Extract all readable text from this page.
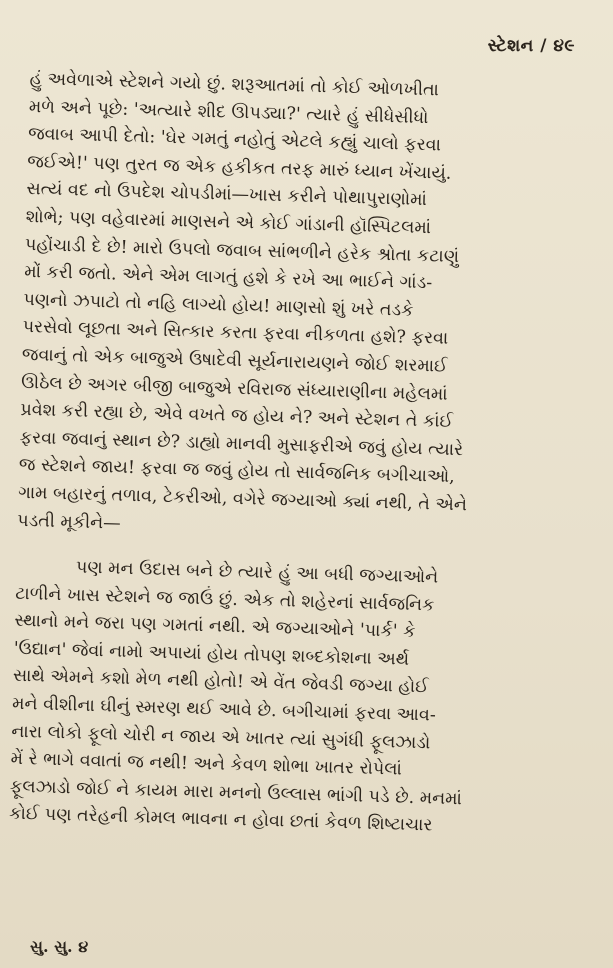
સ્ટેશન / ૪૯
હું અવેળાએ સ્ટેશને ગયો છું. શરૂઆતમાં તો કોઈ ઓળખીતા
મળે અને પૂછે: 'અત્યારે શીદ ઊપડ્યા?' ત્યારે હું સીધેસીધો
જવાબ આપી દેતો: 'ઘેર ગમતું નહોતું એટલે કહ્યું ચાલો ફરવા
જઈએ!' પણ તુરત જ એક હકીકત તરફ મારું ધ્યાન ખેંચાયું.
સત્યં વદ નો ઉપદેશ ચોપડીમાં—ખાસ કરીને પોથાપુરાણોમાં
શોભે; પણ વહેવારમાં માણસને એ કોઈ ગાંડાની હૉસ્પિટલમાં
પહોંચાડી દે છે! મારો ઉપલો જવાબ સાંભળીને હરેક શ્રોતા કટાણું
મોં કરી જતો. એને એમ લાગતું હશે કે રખે આ ભાઈને ગાંડ-
પણનો ઝપાટો તો નહિ લાગ્યો હોય! માણસો શું ખરે તડકે
પરસેવો લૂછતા અને સિત્કાર કરતા ફરવા નીકળતા હશે? ફરવા
જવાનું તો એક બાજુએ ઉષાદેવી સૂર્યનારાયણને જોઈ શરમાઈ
ઊઠેલ છે અગર બીજી બાજુએ રવિરાજ સંધ્યારાણીના મહેલમાં
પ્રવેશ કરી રહ્યા છે, એવે વખતે જ હોય ને? અને સ્ટેશન તે કાંઈ
ફરવા જવાનું સ્થાન છે? ડાહ્યો માનવી મુસાફરીએ જવું હોય ત્યારે
જ સ્ટેશને જાય! ફરવા જ જવું હોય તો સાર્વજનિક બગીચાઓ,
ગામ બહારનું તળાવ, ટેકરીઓ, વગેરે જગ્યાઓ ક્યાં નથી, તે એને
પડતી મૂકીને—
પણ મન ઉદાસ બને છે ત્યારે હું આ બધી જગ્યાઓને
ટાળીને ખાસ સ્ટેશને જ જાઉં છું. એક તો શહેરનાં સાર્વજનિક
સ્થાનો મને જરા પણ ગમતાં નથી. એ જગ્યાઓને 'પાર્ક' કે
'ઉદ્યાન' જેવાં નામો અપાયાં હોય તોપણ શબ્દકોશના અર્થ
સાથે એમને કશો મેળ નથી હોતો! એ વેંત જેવડી જગ્યા હોઈ
મને વીશીના ઘીનું સ્મરણ થઈ આવે છે. બગીચામાં ફરવા આવ-
નારા લોકો ફૂલો ચોરી ન જાય એ ખાતર ત્યાં સુગંધી ફૂલઝાડો
મેં રે ભાગે વવાતાં જ નથી! અને કેવળ શોભા ખાતર રોપેલાં
ફૂલઝાડો જોઈ ને કાયમ મારા મનનો ઉલ્લાસ ભાંગી પડે છે. મનમાં
કોઈ પણ તરેહની કોમલ ભાવના ન હોવા છતાં કેવળ શિષ્ટાચાર
સુ. સુ. ૪
